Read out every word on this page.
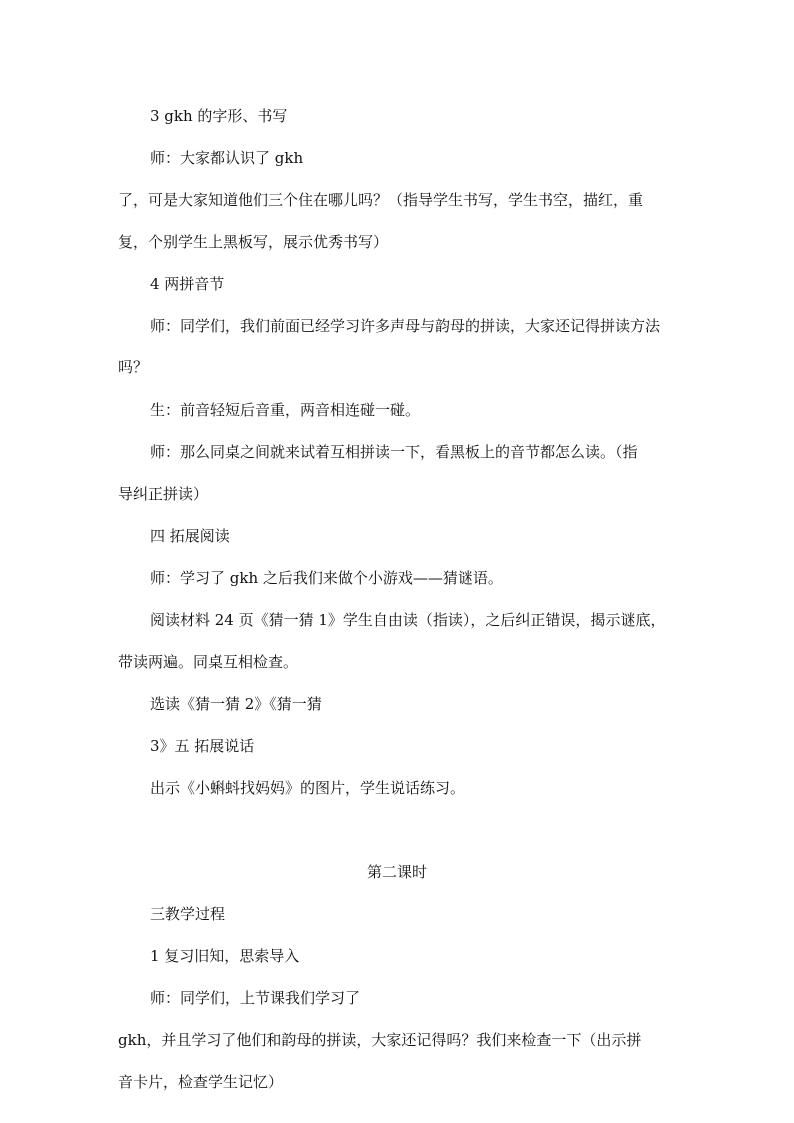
3 gkh 的字形、书写
师：大家都认识了 gkh
了，可是大家知道他们三个住在哪儿吗？（指导学生书写，学生书空，描红，重
复，个别学生上黑板写，展示优秀书写）
4 两拼音节
师：同学们，我们前面已经学习许多声母与韵母的拼读，大家还记得拼读方法
吗？
生：前音轻短后音重，两音相连碰一碰。
师：那么同桌之间就来试着互相拼读一下，看黑板上的音节都怎么读。（指
导纠正拼读）
四 拓展阅读
师：学习了 gkh 之后我们来做个小游戏——猜谜语。
阅读材料 24 页《猜一猜 1》学生自由读（指读），之后纠正错误，揭示谜底，
带读两遍。同桌互相检查。
选读《猜一猜 2》《猜一猜
3》五 拓展说话
出示《小蝌蚪找妈妈》的图片，学生说话练习。
第二课时
三教学过程
1 复习旧知，思索导入
师：同学们，上节课我们学习了
gkh，并且学习了他们和韵母的拼读，大家还记得吗？我们来检查一下（出示拼
音卡片，检查学生记忆）
